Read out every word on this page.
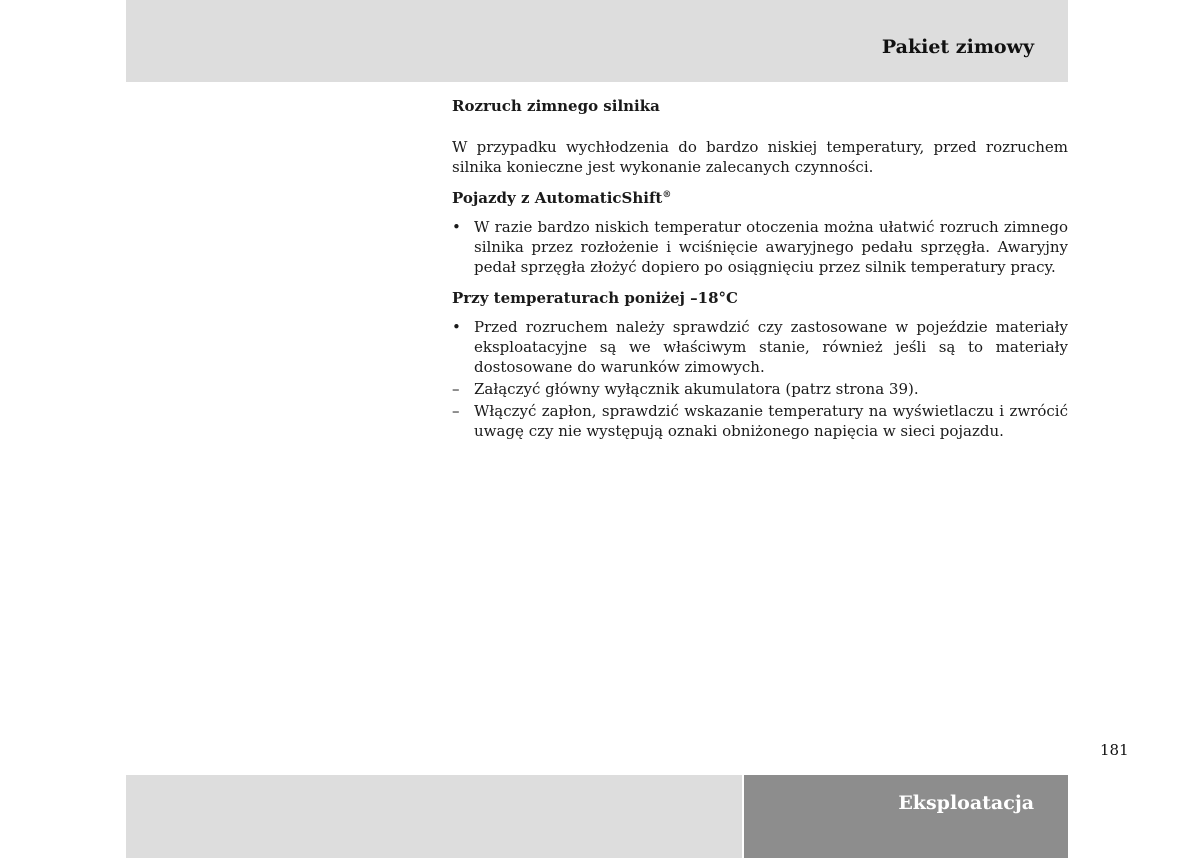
Pakiet zimowy

Rozruch zimnego silnika

W przypadku wychłodzenia do bardzo niskiej temperatury, przed rozruchem silnika konieczne jest wykonanie zalecanych czynności.

Pojazdy z AutomaticShift®

• W razie bardzo niskich temperatur otoczenia można ułatwić rozruch zimnego silnika przez rozłożenie i wciśnięcie awaryjnego pedału sprzęgła. Awaryjny pedał sprzęgła złożyć dopiero po osiągnięciu przez silnik temperatury pracy.

Przy temperaturach poniżej –18°C

• Przed rozruchem należy sprawdzić czy zastosowane w pojeździe materiały eksploatacyjne są we właściwym stanie, również jeśli są to materiały dostosowane do warunków zimowych.

– Załączyć główny wyłącznik akumulatora (patrz strona 39).

– Włączyć zapłon, sprawdzić wskazanie temperatury na wyświetlaczu i zwrócić uwagę czy nie występują oznaki obniżonego napięcia w sieci pojazdu.

181
Eksploatacja
